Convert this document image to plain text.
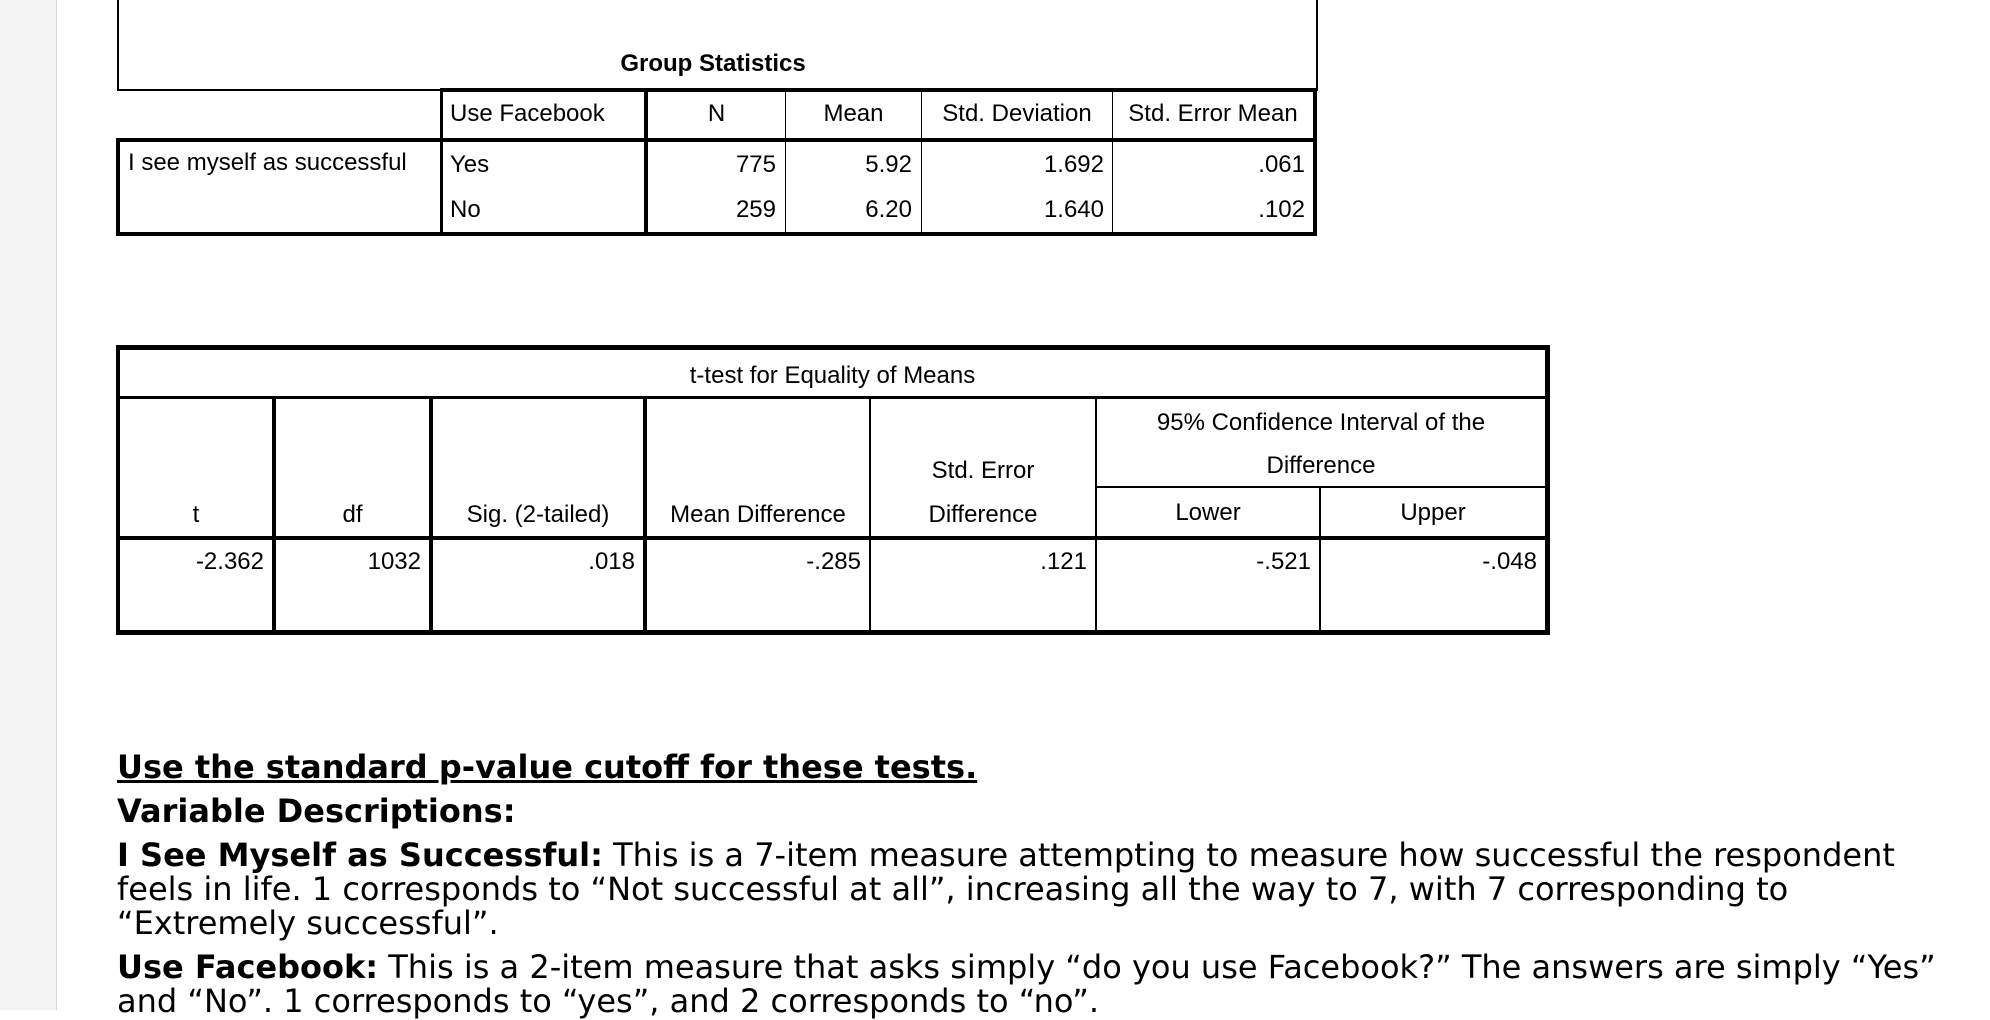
Group Statistics
Use Facebook	N	Mean	Std. Deviation	Std. Error Mean
I see myself as successful	Yes	775	5.92	1.692	.061
No	259	6.20	1.640	.102
t-test for Equality of Means
95% Confidence Interval of the
Difference
Std. Error
t	df	Sig. (2-tailed)	Mean Difference	Difference	Lower	Upper
-2.362	1032	.018	-.285	.121	-.521	-.048
Use the standard p-value cutoff for these tests.
Variable Descriptions:
I See Myself as Successful: This is a 7-item measure attempting to measure how successful the respondent feels in life. 1 corresponds to “Not successful at all”, increasing all the way to 7, with 7 corresponding to “Extremely successful”.
Use Facebook: This is a 2-item measure that asks simply “do you use Facebook?” The answers are simply “Yes” and “No”. 1 corresponds to “yes”, and 2 corresponds to “no”.
